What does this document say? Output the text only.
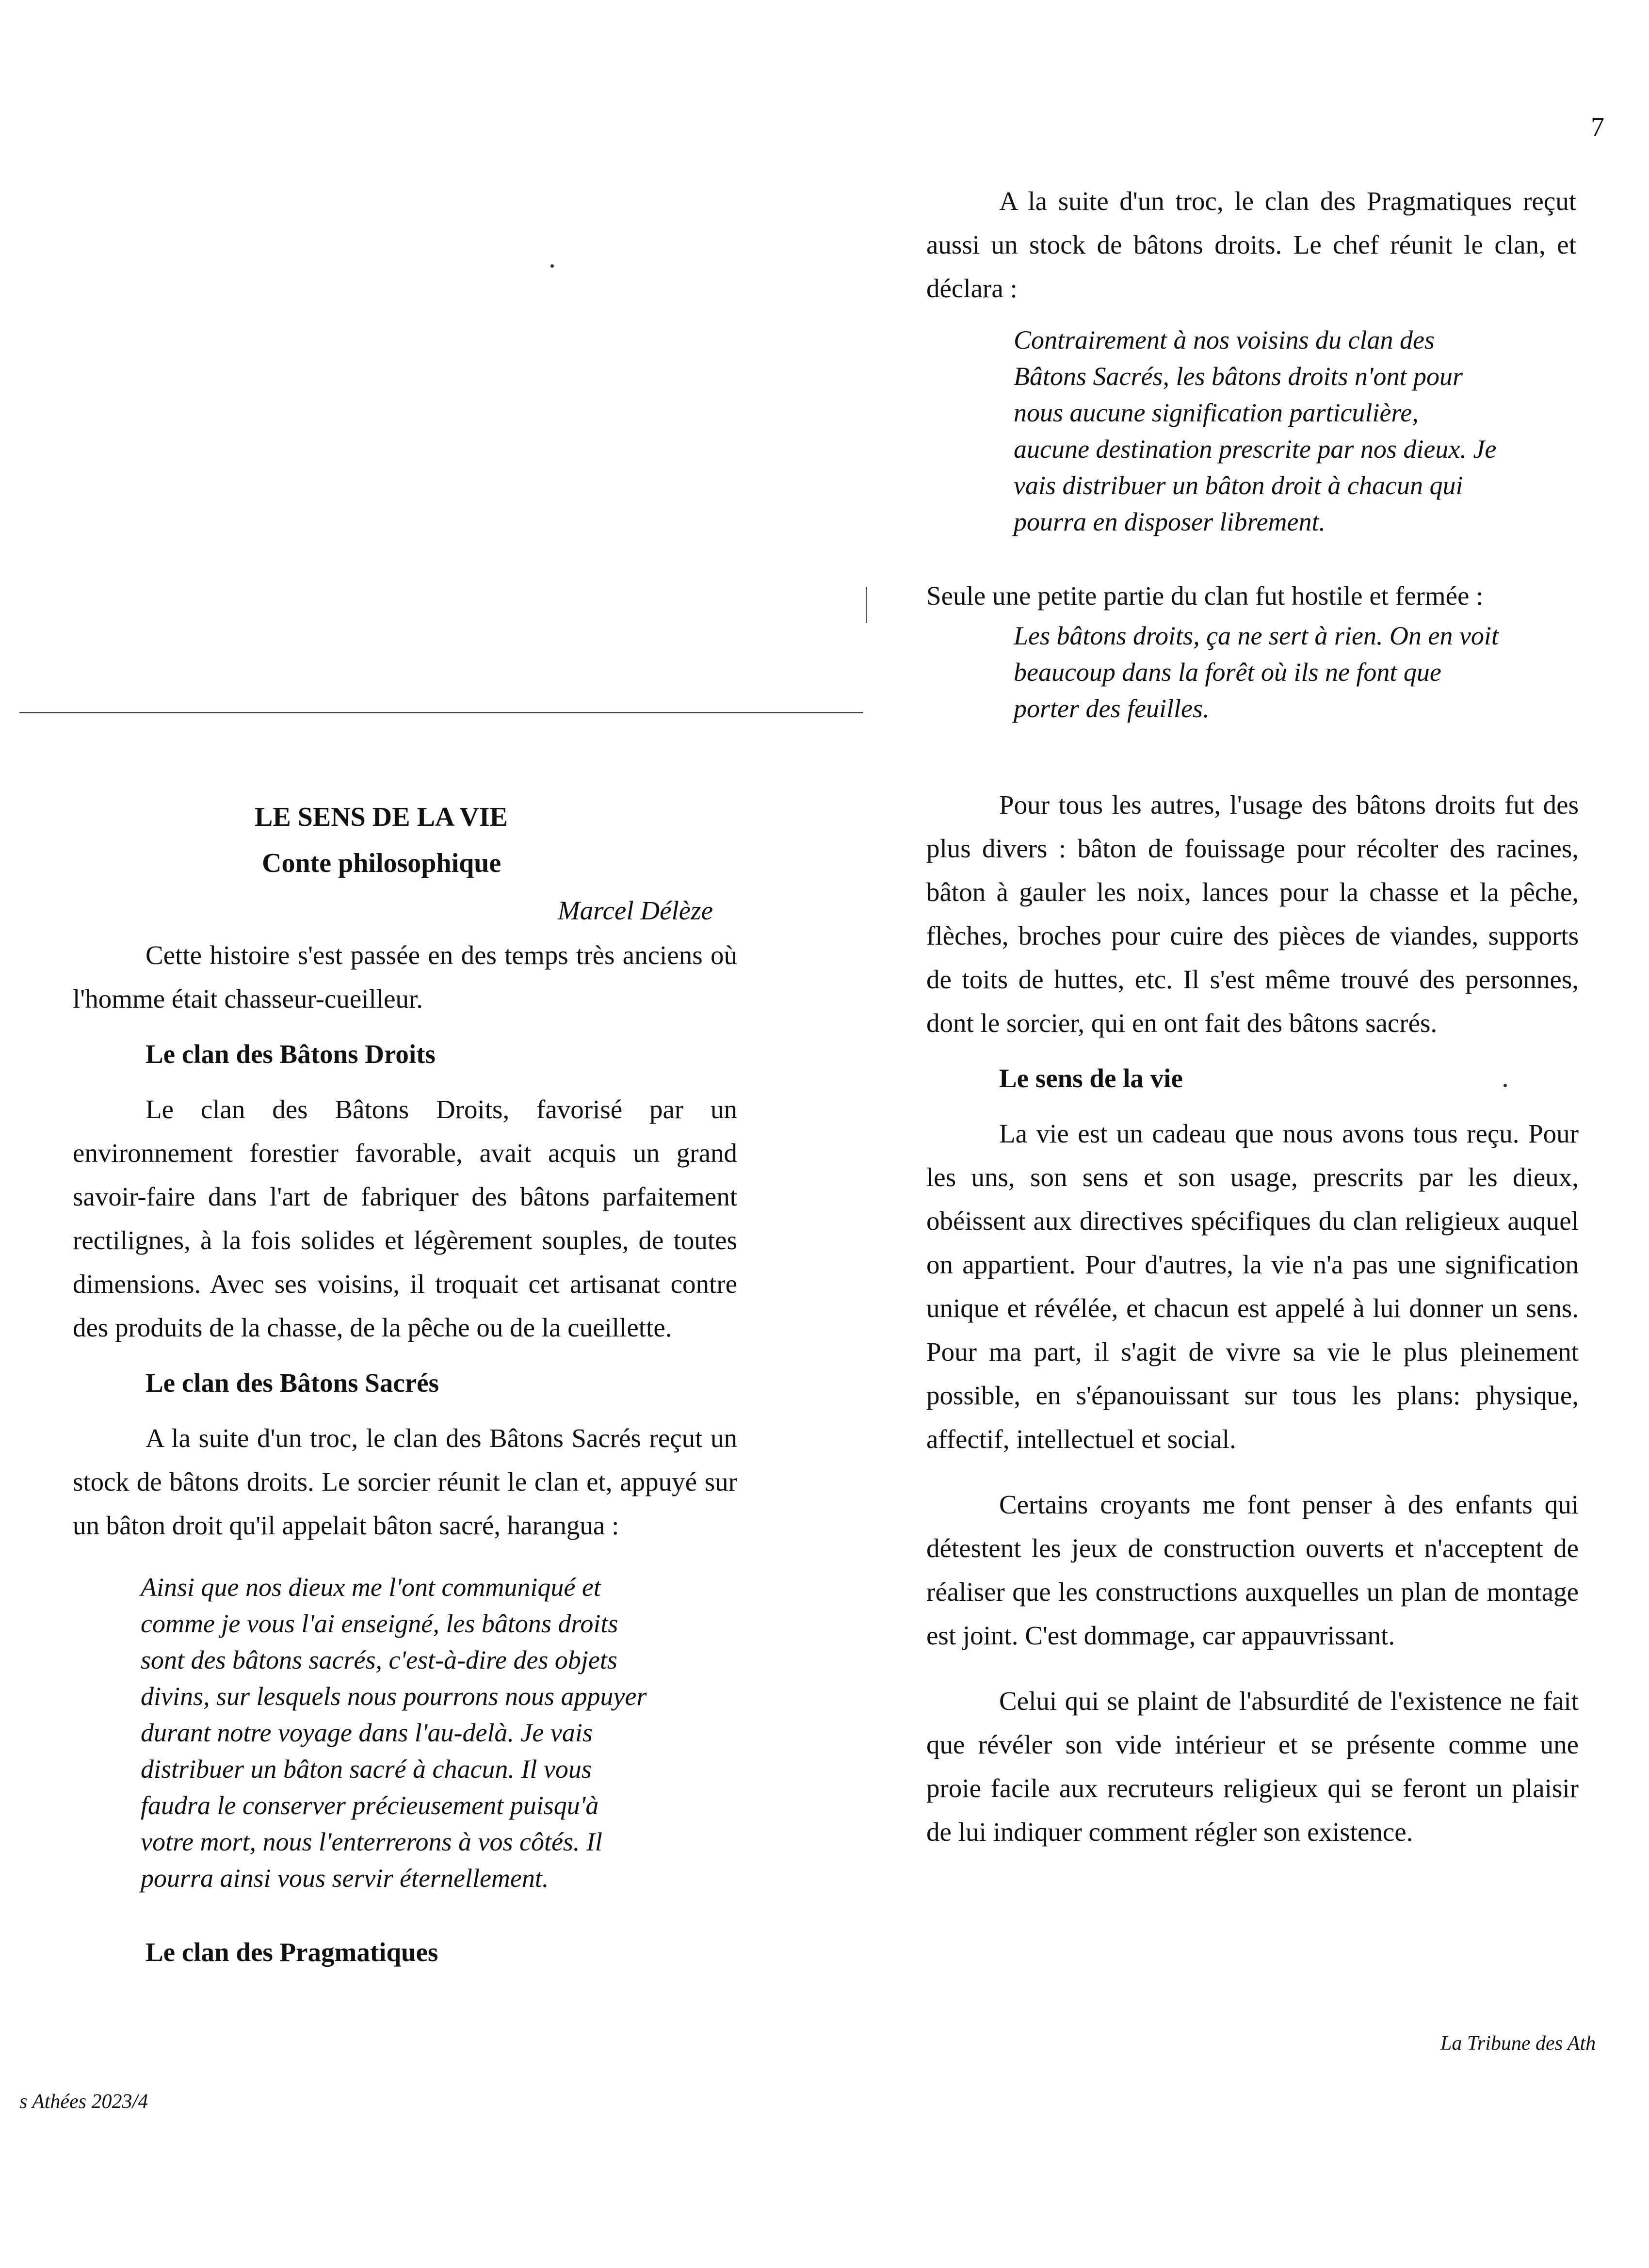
7
LE SENS DE LA VIE
Conte philosophique
Marcel Délèze

Cette histoire s'est passée en des temps très anciens où l'homme était chasseur-cueilleur.

Le clan des Bâtons Droits

Le clan des Bâtons Droits, favorisé par un environnement forestier favorable, avait acquis un grand savoir-faire dans l'art de fabriquer des bâtons parfaitement rectilignes, à la fois solides et légèrement souples, de toutes dimensions. Avec ses voisins, il troquait cet artisanat contre des produits de la chasse, de la pêche ou de la cueillette.

Le clan des Bâtons Sacrés

A la suite d'un troc, le clan des Bâtons Sacrés reçut un stock de bâtons droits. Le sorcier réunit le clan et, appuyé sur un bâton droit qu'il appelait bâton sacré, harangua :

Ainsi que nos dieux me l'ont communiqué et comme je vous l'ai enseigné, les bâtons droits sont des bâtons sacrés, c'est-à-dire des objets divins, sur lesquels nous pourrons nous appuyer durant notre voyage dans l'au-delà. Je vais distribuer un bâton sacré à chacun. Il vous faudra le conserver précieusement puisqu'à votre mort, nous l'enterrerons à vos côtés. Il pourra ainsi vous servir éternellement.

Le clan des Pragmatiques

A la suite d'un troc, le clan des Pragmatiques reçut aussi un stock de bâtons droits. Le chef réunit le clan, et déclara :

Contrairement à nos voisins du clan des Bâtons Sacrés, les bâtons droits n'ont pour nous aucune signification particulière, aucune destination prescrite par nos dieux. Je vais distribuer un bâton droit à chacun qui pourra en disposer librement.

Seule une petite partie du clan fut hostile et fermée :

Les bâtons droits, ça ne sert à rien. On en voit beaucoup dans la forêt où ils ne font que porter des feuilles.

Pour tous les autres, l'usage des bâtons droits fut des plus divers : bâton de fouissage pour récolter des racines, bâton à gauler les noix, lances pour la chasse et la pêche, flèches, broches pour cuire des pièces de viandes, supports de toits de huttes, etc. Il s'est même trouvé des personnes, dont le sorcier, qui en ont fait des bâtons sacrés.

Le sens de la vie

La vie est un cadeau que nous avons tous reçu. Pour les uns, son sens et son usage, prescrits par les dieux, obéissent aux directives spécifiques du clan religieux auquel on appartient. Pour d'autres, la vie n'a pas une signification unique et révélée, et chacun est appelé à lui donner un sens. Pour ma part, il s'agit de vivre sa vie le plus pleinement possible, en s'épanouissant sur tous les plans: physique, affectif, intellectuel et social.

Certains croyants me font penser à des enfants qui détestent les jeux de construction ouverts et n'acceptent de réaliser que les constructions auxquelles un plan de montage est joint. C'est dommage, car appauvrissant.

Celui qui se plaint de l'absurdité de l'existence ne fait que révéler son vide intérieur et se présente comme une proie facile aux recruteurs religieux qui se feront un plaisir de lui indiquer comment régler son existence.

La Tribune des Ath
s Athées 2023/4
